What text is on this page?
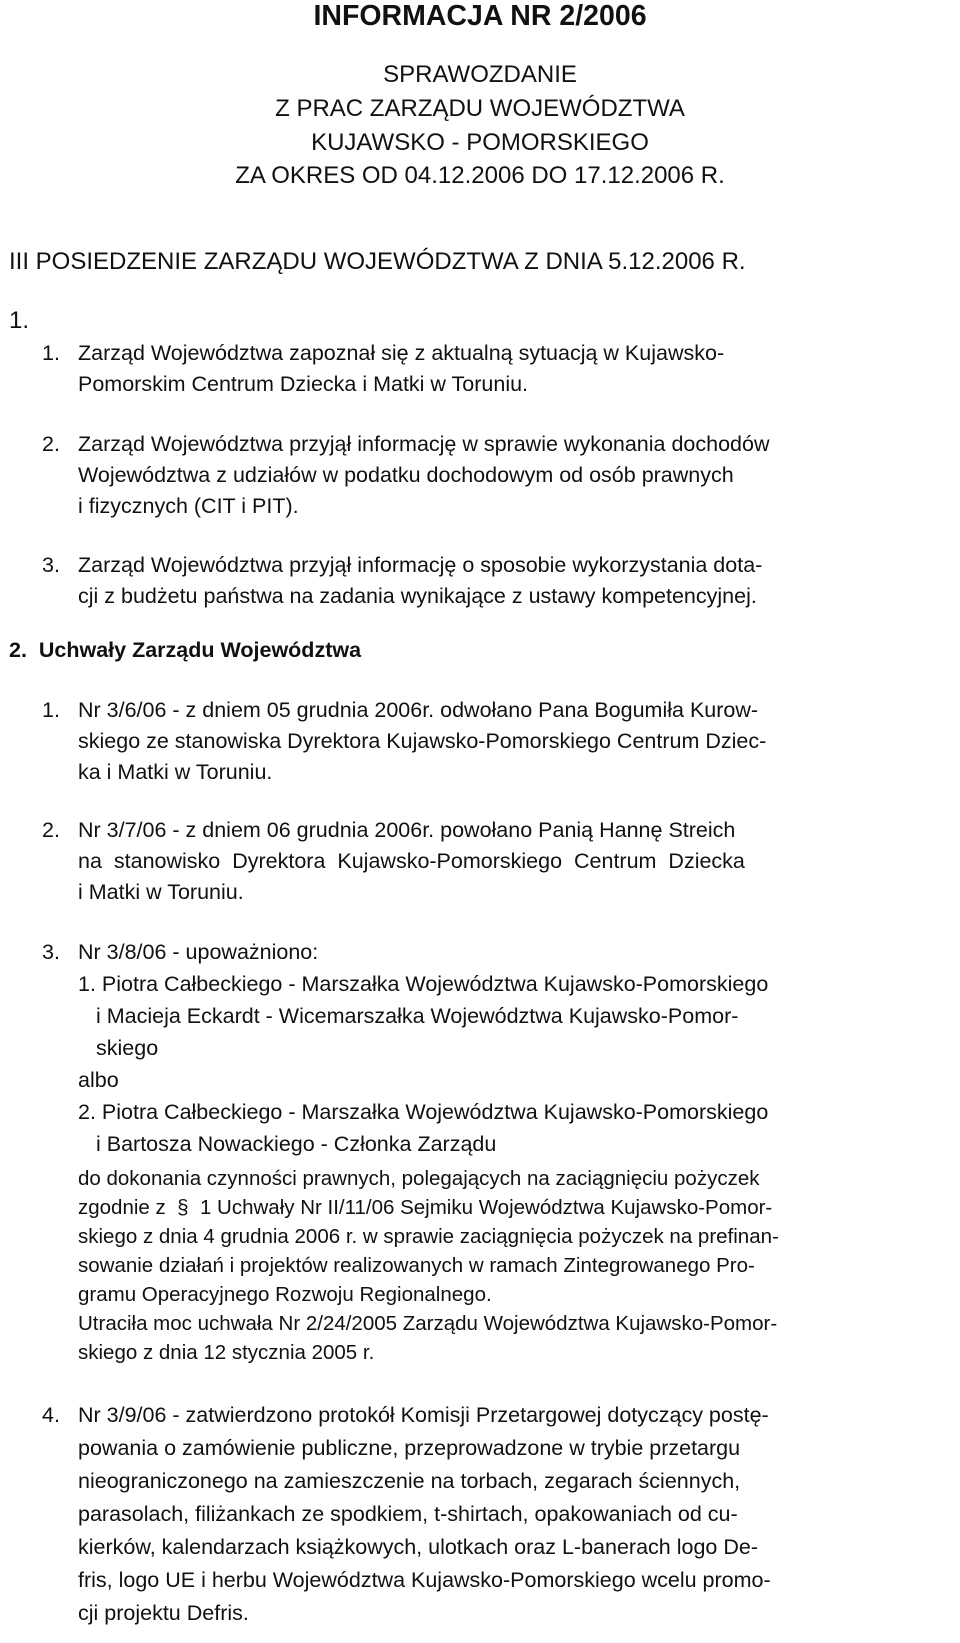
INFORMACJA NR 2/2006
SPRAWOZDANIE
Z PRAC ZARZĄDU WOJEWÓDZTWA
KUJAWSKO - POMORSKIEGO
ZA OKRES OD 04.12.2006 DO 17.12.2006 R.
III POSIEDZENIE ZARZĄDU WOJEWÓDZTWA Z DNIA 5.12.2006 R.
1.
1. Zarząd Województwa zapoznał się z aktualną sytuacją w Kujawsko-
Pomorskim Centrum Dziecka i Matki w Toruniu.
2. Zarząd Województwa przyjął informację w sprawie wykonania dochodów
Województwa z udziałów w podatku dochodowym od osób prawnych
i fizycznych (CIT i PIT).
3. Zarząd Województwa przyjął informację o sposobie wykorzystania dota-
cji z budżetu państwa na zadania wynikające z ustawy kompetencyjnej.
2.  Uchwały Zarządu Województwa
1. Nr 3/6/06 - z dniem 05 grudnia 2006r. odwołano Pana Bogumiła Kurow-
skiego ze stanowiska Dyrektora Kujawsko-Pomorskiego Centrum Dziec-
ka i Matki w Toruniu.
2. Nr 3/7/06 - z dniem 06 grudnia 2006r. powołano Panią Hannę Streich
na stanowisko Dyrektora Kujawsko-Pomorskiego Centrum Dziecka
i Matki w Toruniu.
3. Nr 3/8/06 - upoważniono:
1. Piotra Całbeckiego - Marszałka Województwa Kujawsko-Pomorskiego
i Macieja Eckardt - Wicemarszałka Województwa Kujawsko-Pomor-
skiego
albo
2. Piotra Całbeckiego - Marszałka Województwa Kujawsko-Pomorskiego
i Bartosza Nowackiego - Członka Zarządu
do dokonania czynności prawnych, polegających na zaciągnięciu pożyczek
zgodnie z  §  1 Uchwały Nr II/11/06 Sejmiku Województwa Kujawsko-Pomor-
skiego z dnia 4 grudnia 2006 r. w sprawie zaciągnięcia pożyczek na prefinan-
sowanie działań i projektów realizowanych w ramach Zintegrowanego Pro-
gramu Operacyjnego Rozwoju Regionalnego.
Utraciła moc uchwała Nr 2/24/2005 Zarządu Województwa Kujawsko-Pomor-
skiego z dnia 12 stycznia 2005 r.
4. Nr 3/9/06 - zatwierdzono protokół Komisji Przetargowej dotyczący postę-
powania o zamówienie publiczne, przeprowadzone w trybie przetargu
nieograniczonego na zamieszczenie na torbach, zegarach ściennych,
parasolach, filiżankach ze spodkiem, t-shirtach, opakowaniach od cu-
kierków, kalendarzach książkowych, ulotkach oraz L-banerach logo De-
fris, logo UE i herbu Województwa Kujawsko-Pomorskiego wcelu promo-
cji projektu Defris.
